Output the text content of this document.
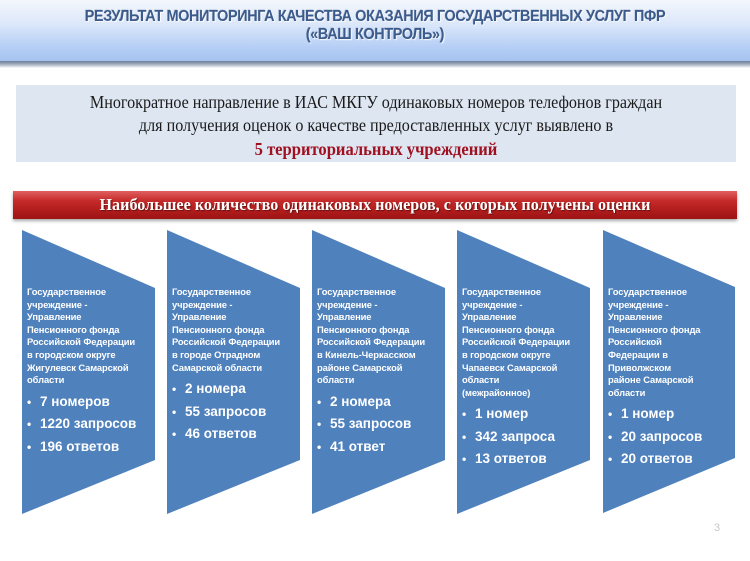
РЕЗУЛЬТАТ МОНИТОРИНГА КАЧЕСТВА ОКАЗАНИЯ ГОСУДАРСТВЕННЫХ УСЛУГ ПФР
(«ВАШ КОНТРОЛЬ»)
Многократное направление в ИАС МКГУ одинаковых номеров телефонов граждан
для получения оценок о качестве предоставленных услуг выявлено в
5 территориальных учреждений
Наибольшее количество одинаковых номеров, с которых получены оценки
Государственное
учреждение -
Управление
Пенсионного фонда
Российской Федерации
в городском округе
Жигулевск Самарской
области
• 7 номеров
• 1220 запросов
• 196 ответов
Государственное
учреждение -
Управление
Пенсионного фонда
Российской Федерации
в городе Отрадном
Самарской области
• 2 номера
• 55 запросов
• 46 ответов
Государственное
учреждение -
Управление
Пенсионного фонда
Российской Федерации
в Кинель-Черкасском
районе Самарской
области
• 2 номера
• 55 запросов
• 41 ответ
Государственное
учреждение -
Управление
Пенсионного фонда
Российской Федерации
в городском округе
Чапаевск Самарской
области
(межрайонное)
• 1 номер
• 342 запроса
• 13 ответов
Государственное
учреждение -
Управление
Пенсионного фонда
Российской
Федерации в
Приволжском
районе Самарской
области
• 1 номер
• 20 запросов
• 20 ответов
3
